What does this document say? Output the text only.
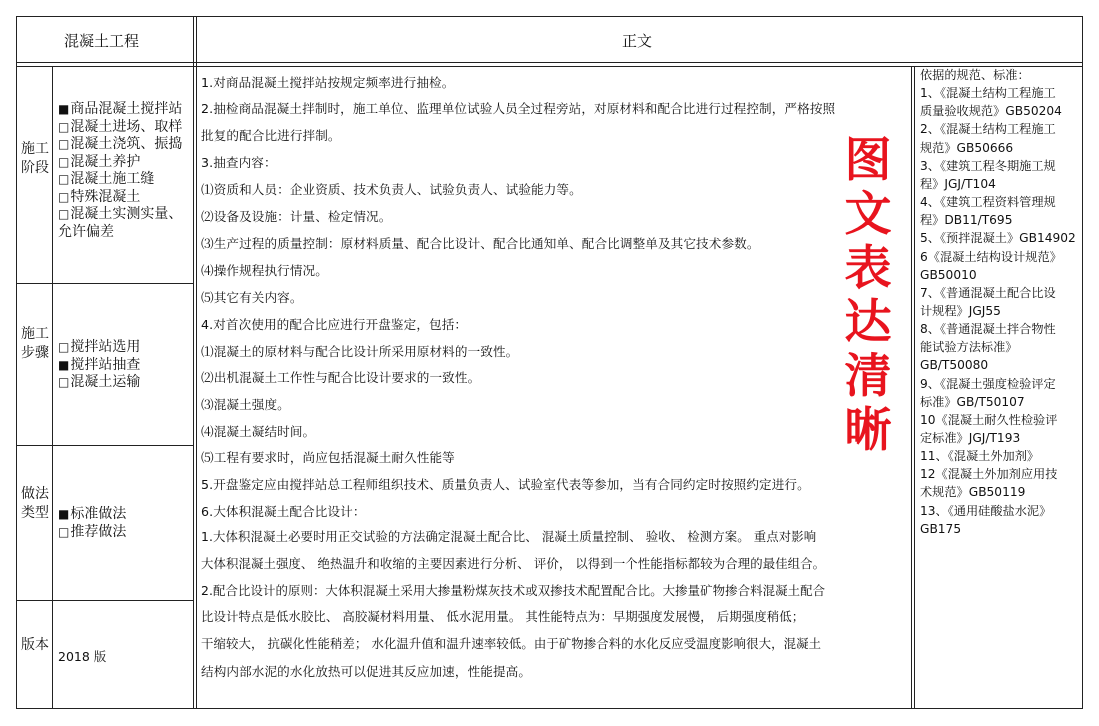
混凝土工程	正文
施工
阶段
■商品混凝土搅拌站
□混凝土进场、取样
□混凝土浇筑、振捣
□混凝土养护
□混凝土施工缝
□特殊混凝土
□混凝土实测实量、
允许偏差
施工
步骤 □搅拌站选用
■搅拌站抽查
□混凝土运输
做法
类型 ■标准做法
□推荐做法
版本
2018 版
1.对商品混凝土搅拌站按规定频率进行抽检。
2.抽检商品混凝土拌制时，施工单位、监理单位试验人员全过程旁站，对原材料和配合比进行过程控制，严格按照
批复的配合比进行拌制。
3.抽查内容：
⑴资质和人员：企业资质、技术负责人、试验负责人、试验能力等。
⑵设备及设施：计量、检定情况。
⑶生产过程的质量控制：原材料质量、配合比设计、配合比通知单、配合比调整单及其它技术参数。
⑷操作规程执行情况。
⑸其它有关内容。
4.对首次使用的配合比应进行开盘鉴定，包括：
⑴混凝土的原材料与配合比设计所采用原材料的一致性。
⑵出机混凝土工作性与配合比设计要求的一致性。
⑶混凝土强度。
⑷混凝土凝结时间。
⑸工程有要求时，尚应包括混凝土耐久性能等
5.开盘鉴定应由搅拌站总工程师组织技术、质量负责人、试验室代表等参加，当有合同约定时按照约定进行。
6.大体积混凝土配合比设计：
1.大体积混凝土必要时用正交试验的方法确定混凝土配合比、 混凝土质量控制、 验收、 检测方案。 重点对影响
大体积混凝土强度、 绝热温升和收缩的主要因素进行分析、 评价， 以得到一个性能指标都较为合理的最佳组合。
2.配合比设计的原则：大体积混凝土采用大掺量粉煤灰技术或双掺技术配置配合比。大掺量矿物掺合料混凝土配合
比设计特点是低水胶比、 高胶凝材料用量、 低水泥用量。 其性能特点为：早期强度发展慢， 后期强度稍低；
干缩较大， 抗碳化性能稍差； 水化温升值和温升速率较低。由于矿物掺合料的水化反应受温度影响很大，混凝土
结构内部水泥的水化放热可以促进其反应加速，性能提高。
图
文
表
达
清
晰
依据的规范、标准：
1、《混凝土结构工程施工
质量验收规范》GB50204
2、《混凝土结构工程施工
规范》GB50666
3、《建筑工程冬期施工规
程》JGJ/T104
4、《建筑工程资料管理规
程》DB11/T695
5、《预拌混凝土》GB14902
6《混凝土结构设计规范》
GB50010
7、《普通混凝土配合比设
计规程》JGJ55
8、《普通混凝土拌合物性
能试验方法标准》
GB/T50080
9、《混凝土强度检验评定
标准》GB/T50107
10《混凝土耐久性检验评
定标准》JGJ/T193
11、《混凝土外加剂》
12《混凝土外加剂应用技
术规范》GB50119
13、《通用硅酸盐水泥》
GB175
